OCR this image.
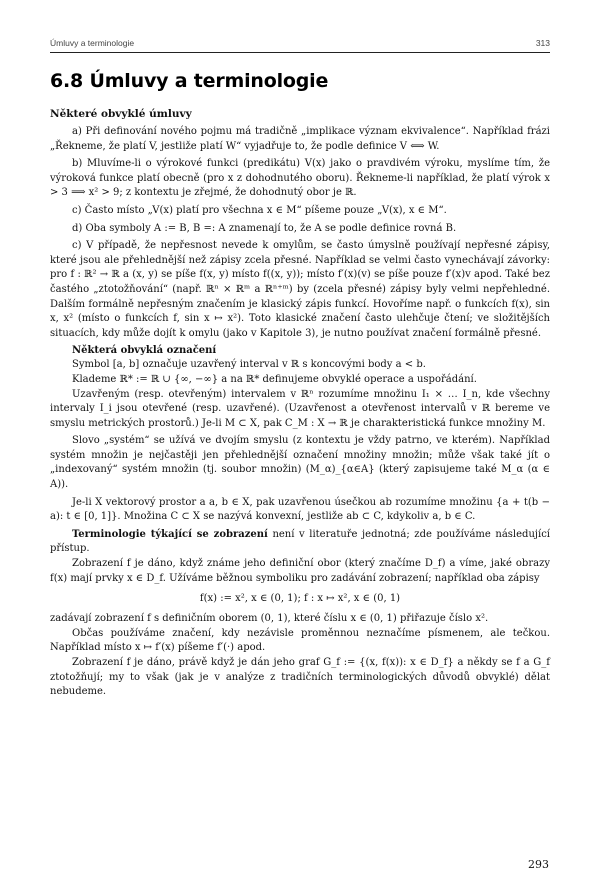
Úmluvy a terminologie	313
6.8 Úmluvy a terminologie
Některé obvyklé úmluvy

a) Při definování nového pojmu má tradičně „implikace význam ekvivalence“. Například frázi „Řekneme, že platí V, jestliže platí W“ vyjadřuje to, že podle definice V ⟺ W.

b) Mluvíme-li o výrokové funkci (predikátu) V(x) jako o pravdivém výroku, myslíme tím, že výroková funkce platí obecně (pro x z dohodnutého oboru). Řekneme-li například, že platí výrok x > 3 ⟹ x² > 9; z kontextu je zřejmé, že dohodnutý obor je ℝ.

c) Často místo „V(x) platí pro všechna x ∈ M“ píšeme pouze „V(x), x ∈ M“.

d) Oba symboly A := B, B =: A znamenají to, že A se podle definice rovná B.

c) V případě, že nepřesnost nevede k omylům, se často úmyslně používají nepřesné zápisy, které jsou ale přehlednější než zápisy zcela přesné. Například se velmi často vynechávají závorky: pro f : ℝ² → ℝ a (x, y) se píše f(x, y) místo f((x, y)); místo f′(x)(v) se píše pouze f′(x)v apod. Také bez častého „ztotožňování“ (např. ℝⁿ × ℝᵐ a ℝⁿ⁺ᵐ) by (zcela přesné) zápisy byly velmi nepřehledné. Dalším formálně nepřesným značením je klasický zápis funkcí. Hovoříme např. o funkcích f(x), sin x, x² (místo o funkcích f, sin x ↦ x²). Toto klasické značení často ulehčuje čtení; ve složitějších situacích, kdy může dojít k omylu (jako v Kapitole 3), je nutno používat značení formálně přesné.

Některá obvyklá označení

Symbol [a, b] označuje uzavřený interval v ℝ s koncovými body a < b.

Klademe ℝ* := ℝ ∪ {∞, −∞} a na ℝ* definujeme obvyklé operace a uspořádání.

Uzavřeným (resp. otevřeným) intervalem v ℝⁿ rozumíme množinu I₁ × … I_n, kde všechny intervaly I_i jsou otevřené (resp. uzavřené). (Uzavřenost a otevřenost intervalů v ℝ bereme ve smyslu metrických prostorů.) Je-li M ⊂ X, pak C_M : X → ℝ je charakteristická funkce množiny M.

Slovo „systém“ se užívá ve dvojím smyslu (z kontextu je vždy patrno, ve kterém). Například systém množin je nejčastěji jen přehlednější označení množiny množin; může však také jít o „indexovaný“ systém množin (tj. soubor množin) (M_α)_{α∈A} (který zapisujeme také M_α (α ∈ A)).

Je-li X vektorový prostor a a, b ∈ X, pak uzavřenou úsečkou ab rozumíme množinu {a + t(b − a): t ∈ [0, 1]}. Množina C ⊂ X se nazývá konvexní, jestliže ab ⊂ C, kdykoliv a, b ∈ C.

Terminologie týkající se zobrazení není v literatuře jednotná; zde používáme následující přístup.

Zobrazení f je dáno, když známe jeho definiční obor (který značíme D_f) a víme, jaké obrazy f(x) mají prvky x ∈ D_f. Užíváme běžnou symboliku pro zadávání zobrazení; například oba zápisy

f(x) := x², x ∈ (0, 1); f : x ↦ x², x ∈ (0, 1)

zadávají zobrazení f s definičním oborem (0, 1), které číslu x ∈ (0, 1) přiřazuje číslo x².

Občas používáme značení, kdy nezávisle proměnnou neznačíme písmenem, ale tečkou. Například místo x ↦ f′(x) píšeme f′(·) apod.

Zobrazení f je dáno, právě když je dán jeho graf G_f := {(x, f(x)): x ∈ D_f} a někdy se f a G_f ztotožňují; my to však (jak je v analýze z tradičních terminologických důvodů obvyklé) dělat nebudeme.

293
